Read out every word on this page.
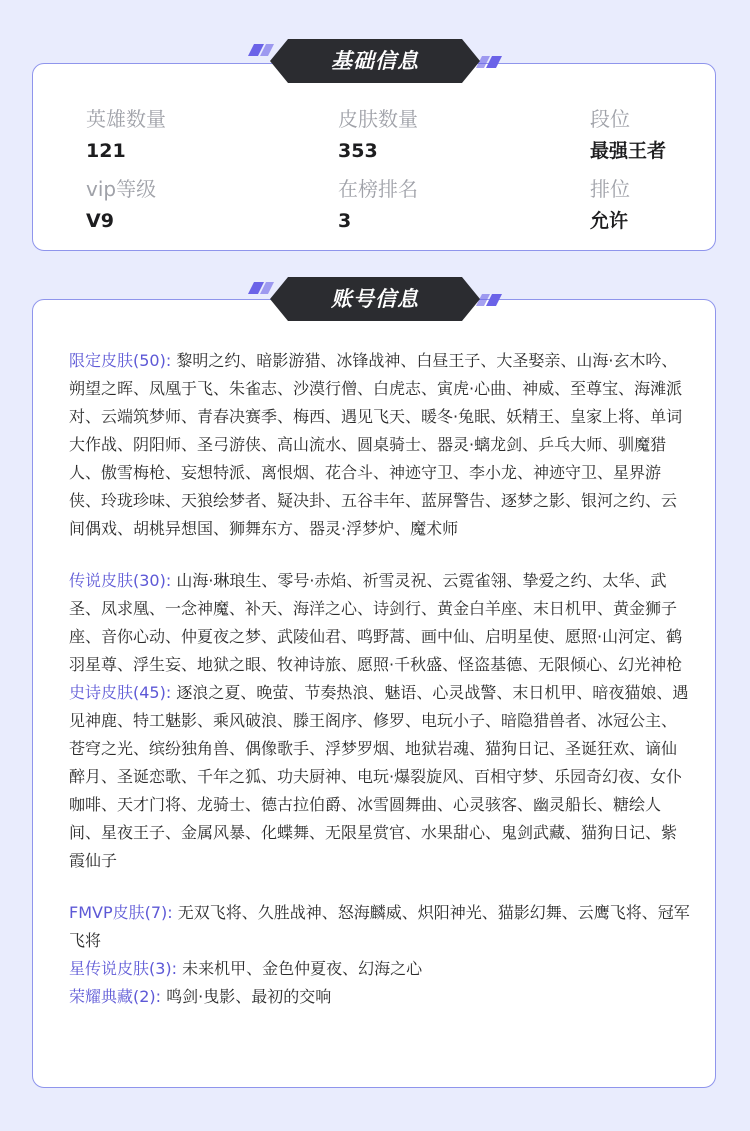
英雄数量
121
皮肤数量
353
段位
最强王者
vip等级
V9
在榜排名
3
排位
允许
基础信息

限定皮肤(50): 黎明之约、暗影游猎、冰锋战神、白昼王子、大圣娶亲、山海·玄木吟、朔望之晖、凤凰于飞、朱雀志、沙漠行僧、白虎志、寅虎·心曲、神威、至尊宝、海滩派对、云端筑梦师、青春决赛季、梅西、遇见飞天、暖冬·兔眠、妖精王、皇家上将、单词大作战、阴阳师、圣弓游侠、高山流水、圆桌骑士、器灵·螭龙剑、乒乓大师、驯魔猎人、傲雪梅枪、妄想特派、离恨烟、花合斗、神迹守卫、李小龙、神迹守卫、星界游侠、玲珑珍味、天狼绘梦者、疑决卦、五谷丰年、蓝屏警告、逐梦之影、银河之约、云间偶戏、胡桃异想国、狮舞东方、器灵·浮梦炉、魔术师

传说皮肤(30): 山海·琳琅生、零号·赤焰、祈雪灵祝、云霓雀翎、挚爱之约、太华、武圣、凤求凰、一念神魔、补天、海洋之心、诗剑行、黄金白羊座、末日机甲、黄金狮子座、音你心动、仲夏夜之梦、武陵仙君、鸣野蒿、画中仙、启明星使、愿照·山河定、鹤羽星尊、浮生妄、地狱之眼、牧神诗旅、愿照·千秋盛、怪盗基德、无限倾心、幻光神枪

史诗皮肤(45): 逐浪之夏、晚萤、节奏热浪、魅语、心灵战警、末日机甲、暗夜猫娘、遇见神鹿、特工魅影、乘风破浪、滕王阁序、修罗、电玩小子、暗隐猎兽者、冰冠公主、苍穹之光、缤纷独角兽、偶像歌手、浮梦罗烟、地狱岩魂、猫狗日记、圣诞狂欢、谪仙醉月、圣诞恋歌、千年之狐、功夫厨神、电玩·爆裂旋风、百相守梦、乐园奇幻夜、女仆咖啡、天才门将、龙骑士、德古拉伯爵、冰雪圆舞曲、心灵骇客、幽灵船长、糖绘人间、星夜王子、金属风暴、化蝶舞、无限星赏官、水果甜心、鬼剑武藏、猫狗日记、紫霞仙子

FMVP皮肤(7): 无双飞将、久胜战神、怒海麟威、炽阳神光、猫影幻舞、云鹰飞将、冠军飞将

星传说皮肤(3): 未来机甲、金色仲夏夜、幻海之心

荣耀典藏(2): 鸣剑·曳影、最初的交响

账号信息
